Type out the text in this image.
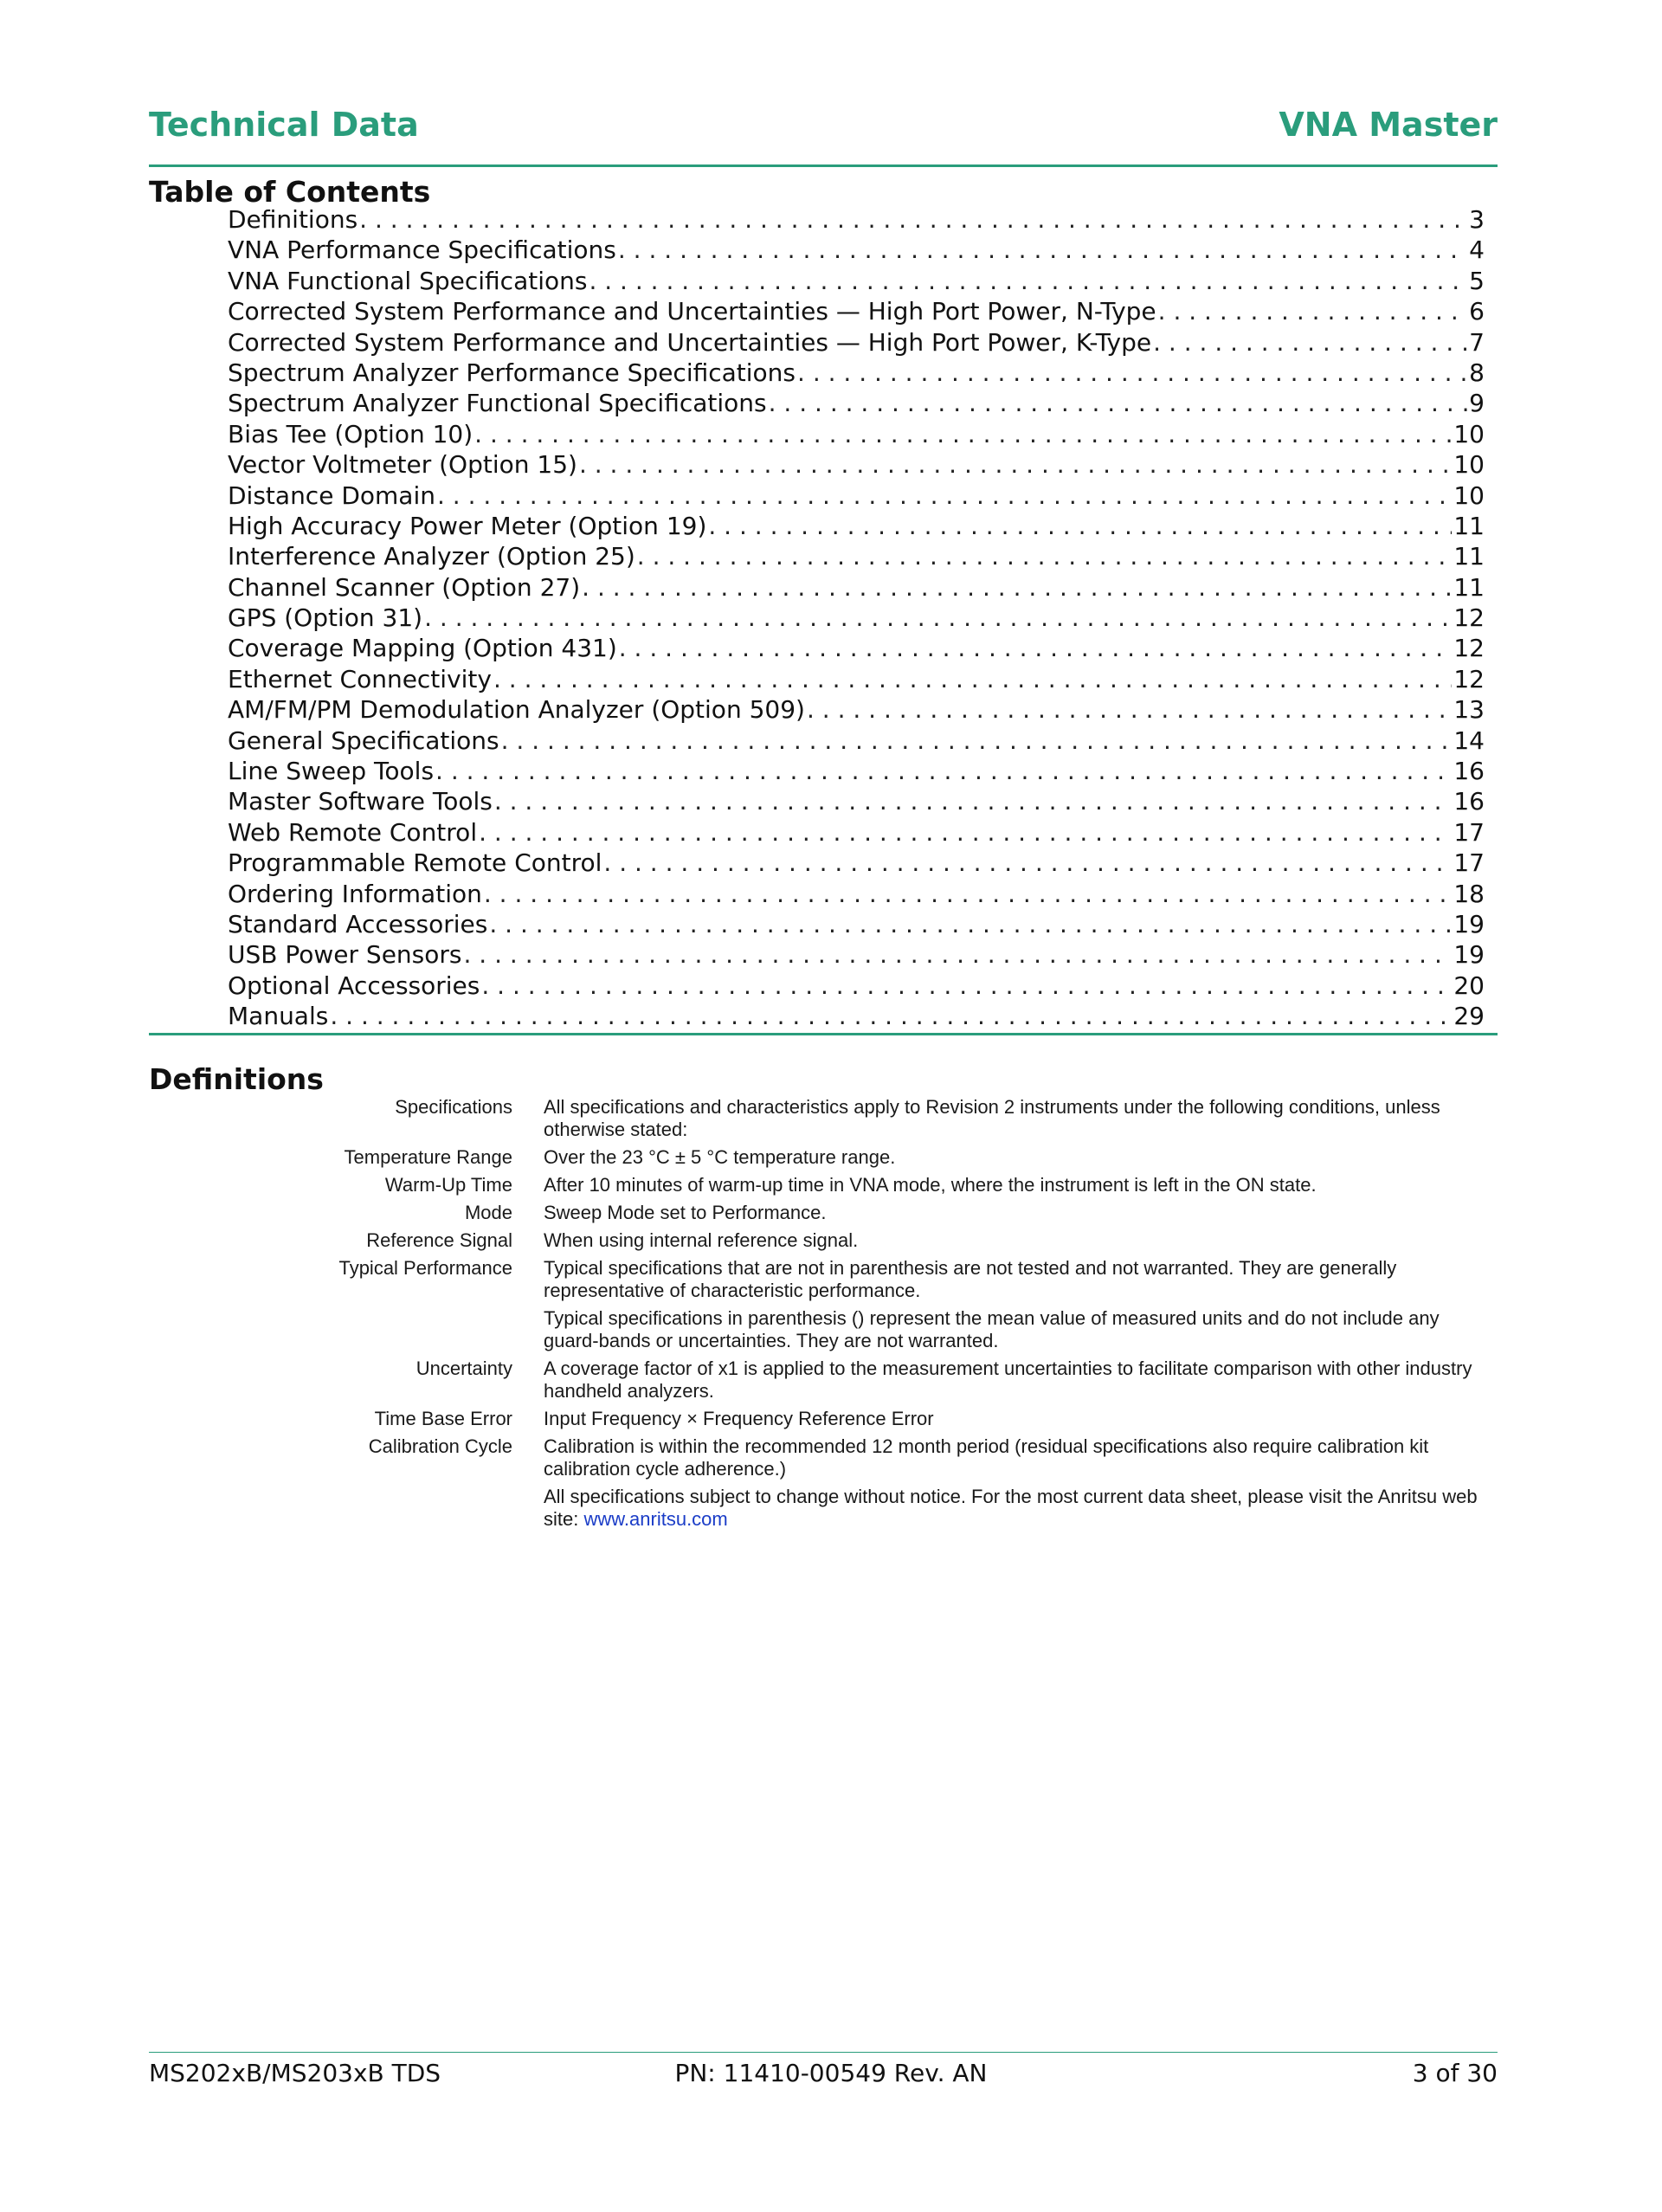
Technical Data	VNA Master
Table of Contents
Definitions . . .	3
VNA Performance Specifications . . .	4
VNA Functional Specifications . . .	5
Corrected System Performance and Uncertainties — High Port Power, N-Type . . .	6
Corrected System Performance and Uncertainties — High Port Power, K-Type . . .	7
Spectrum Analyzer Performance Specifications . . .	8
Spectrum Analyzer Functional Specifications . . .	9
Bias Tee (Option 10) . . .	10
Vector Voltmeter (Option 15) . . .	10
Distance Domain . . .	10
High Accuracy Power Meter (Option 19) . . .	11
Interference Analyzer (Option 25) . . .	11
Channel Scanner (Option 27) . . .	11
GPS (Option 31) . . .	12
Coverage Mapping (Option 431) . . .	12
Ethernet Connectivity . . .	12
AM/FM/PM Demodulation Analyzer (Option 509) . . .	13
General Specifications . . .	14
Line Sweep Tools . . .	16
Master Software Tools . . .	16
Web Remote Control . . .	17
Programmable Remote Control . . .	17
Ordering Information . . .	18
Standard Accessories . . .	19
USB Power Sensors . . .	19
Optional Accessories . . .	20
Manuals . . .	29
Definitions
Specifications	All specifications and characteristics apply to Revision 2 instruments under the following conditions, unless otherwise stated:
Temperature Range	Over the 23 °C ± 5 °C temperature range.
Warm-Up Time	After 10 minutes of warm-up time in VNA mode, where the instrument is left in the ON state.
Mode	Sweep Mode set to Performance.
Reference Signal	When using internal reference signal.
Typical Performance	Typical specifications that are not in parenthesis are not tested and not warranted. They are generally representative of characteristic performance.
Typical specifications in parenthesis () represent the mean value of measured units and do not include any guard-bands or uncertainties. They are not warranted.
Uncertainty	A coverage factor of x1 is applied to the measurement uncertainties to facilitate comparison with other industry handheld analyzers.
Time Base Error	Input Frequency × Frequency Reference Error
Calibration Cycle	Calibration is within the recommended 12 month period (residual specifications also require calibration kit calibration cycle adherence.)
All specifications subject to change without notice. For the most current data sheet, please visit the Anritsu web site: www.anritsu.com
MS202xB/MS203xB TDS	PN: 11410-00549 Rev. AN	3 of 30
